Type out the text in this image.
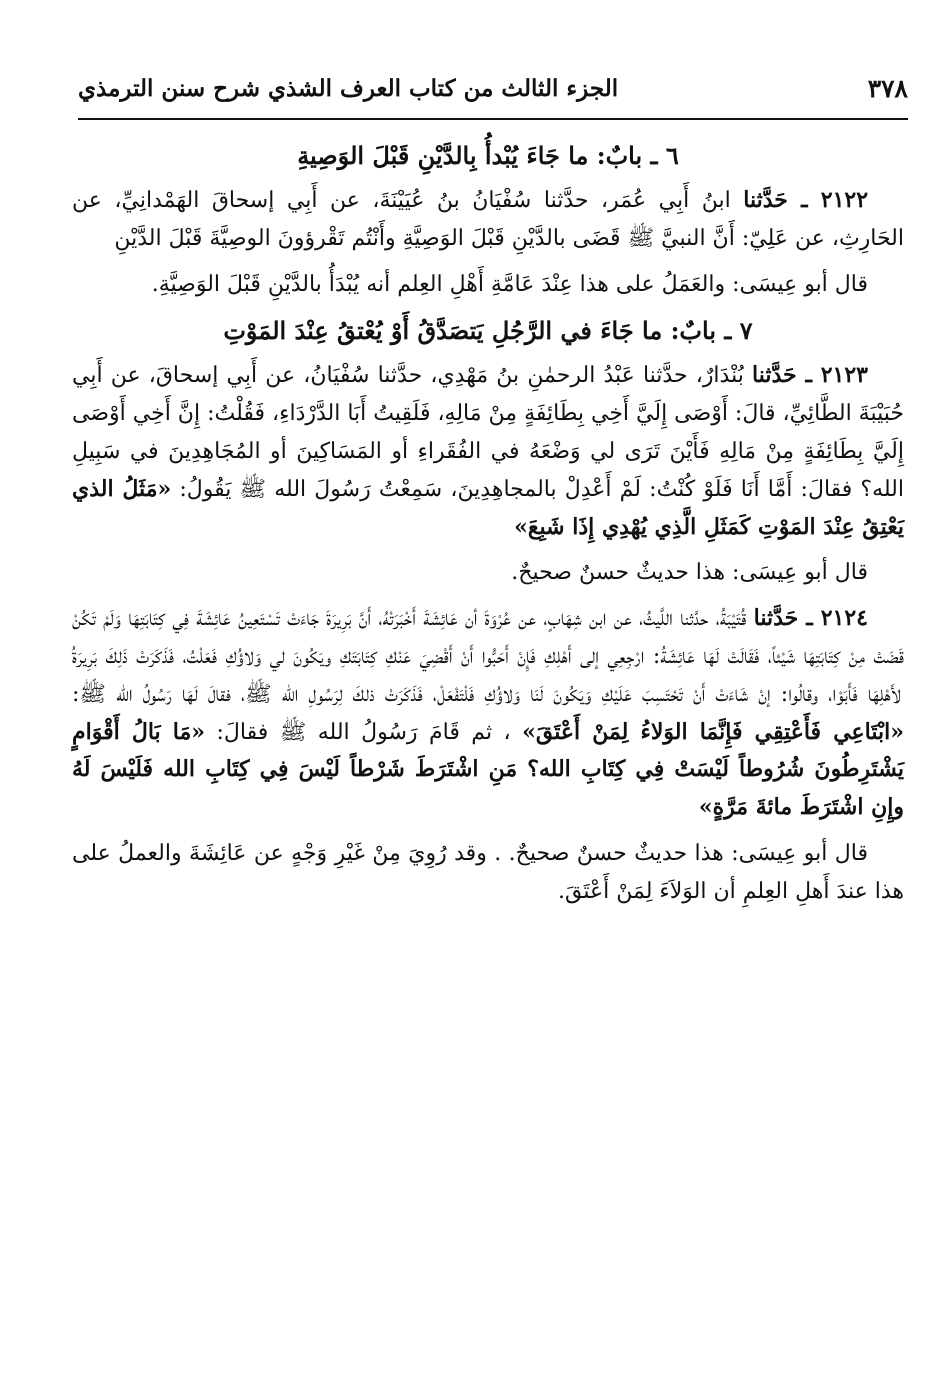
٣٧٨
الجزء الثالث من كتاب العرف الشذي شرح سنن الترمذي
٦ ـ بابٌ: ما جَاءَ يُبْدأُ بِالدَّيْنِ قَبْلَ الوَصِيةِ

٢١٢٢ ـ حَدَّثنا ابنُ أَبِي عُمَر، حدَّثنا سُفْيَانُ بنُ عُيَيْنَةَ، عن أَبِي إسحاقَ الهَمْدانِيِّ، عن الحَارِثِ، عن عَلِيّ: أَنَّ النبيَّ ﷺ قَضَى بالدَّيْنِ قَبْلَ الوَصِيَّةِ وأَنْتُم تَقْرؤونَ الوصِيَّةَ قَبْلَ الدَّيْنِ

قال أبو عِيسَى: والعَمَلُ على هذا عِنْدَ عَامَّةِ أَهْلِ العِلم أنه يُبْدَأُ بالدَّيْنِ قَبْلَ الوَصِيَّةِ.

٧ ـ بابٌ: ما جَاءَ في الرَّجُلِ يَتصَدَّقُ أَوْ يُعْتقُ عِنْدَ المَوْتِ

٢١٢٣ ـ حَدَّثنا بُنْدَارٌ، حدَّثنا عَبْدُ الرحمٰنِ بنُ مَهْدِي، حدَّثنا سُفْيَانُ، عن أَبِي إسحاقَ، عن أَبِي حُبَيْبَةَ الطَّائِيِّ، قالَ: أَوْصَى إِلَيَّ أَخِي بِطَائِفَةٍ مِنْ مَالِهِ، فَلَقِيتُ أَبَا الدَّرْدَاءِ، فَقُلْتُ: إِنَّ أَخِي أَوْصَى إِلَيَّ بِطَائِفَةٍ مِنْ مَالِهِ فَأَيْنَ تَرَى لي وَضْعَهُ في الفُقَراءِ أو المَسَاكِينَ أو المُجَاهِدِينَ في سَبِيلِ الله؟ فقالَ: أَمَّا أَنَا فَلَوْ كُنْتُ: لَمْ أَعْدِلْ بالمجاهِدِينَ، سَمِعْتُ رَسُولَ الله ﷺ يَقُولُ: «مَثَلُ الذي يَعْتِقُ عِنْدَ المَوْتِ كَمَثَلِ الَّذِي يُهْدِي إِذَا شَبِعَ»

قال أبو عِيسَى: هذا حديثٌ حسنٌ صحيحٌ.

٢١٢٤ ـ حَدَّثنا قُتَيْبَةُ، حدَّثنا اللَّيثُ، عن ابن شِهَابٍ، عن عُرْوَةَ أن عَائِشَةَ أَخْبَرَتْهُ، أَنَّ بَرِيرَةَ جَاءَتْ تَسْتَعِينُ عَائِشَةَ فِي كِتَابَتِهَا وَلَمْ تَكُنْ قَضَتْ مِنْ كِتَابَتِهَا شَيْئاً، فَقَالَتْ لَهَا عَائِشَةُ: ارْجِعِي إلى أَهْلِكِ فَإِنْ أَحَبُّوا أَنْ أَقْضِيَ عَنْكِ كِتَابَتَكِ ويَكُونَ لي وَلاؤُكِ فَعَلْتُ، فَذَكَرَتْ ذَلِكَ بَرِيرَةُ لأَهْلِهَا فَأَبَوْا، وقالُوا: إنْ شَاءَتْ أَنْ تَحْتَسِبَ عَلَيْكِ وَيَكُونَ لَنَا وَلاؤُكِ فَلْتَفْعَلْ، فَذَكَرَتْ ذلكَ لِرَسُولِ الله ﷺ، فقالَ لَهَا رَسُولُ الله ﷺ: «ابْتَاعِي فَأَعْتِقِي فَإِنَّمَا الوَلاءُ لِمَنْ أَعْتَقَ» ، ثم قَامَ رَسُولُ الله ﷺ فقالَ: «مَا بَالُ أَقْوَامٍ يَشْتَرِطُونَ شُرُوطاً لَيْسَتْ فِي كِتَابِ الله؟ مَنِ اشْتَرَطَ شَرْطاً لَيْسَ فِي كِتَابِ الله فَلَيْسَ لَهُ وإِنِ اشْتَرَطَ مائةَ مَرَّةٍ»

قال أبو عِيسَى: هذا حديثٌ حسنٌ صحيحٌ. . وقد رُوِيَ مِنْ غَيْرِ وَجْهٍ عن عَائِشَةَ والعملُ على هذا عندَ أَهلِ العِلمِ أن الوَلاَءَ لِمَنْ أَعْتَقَ.
